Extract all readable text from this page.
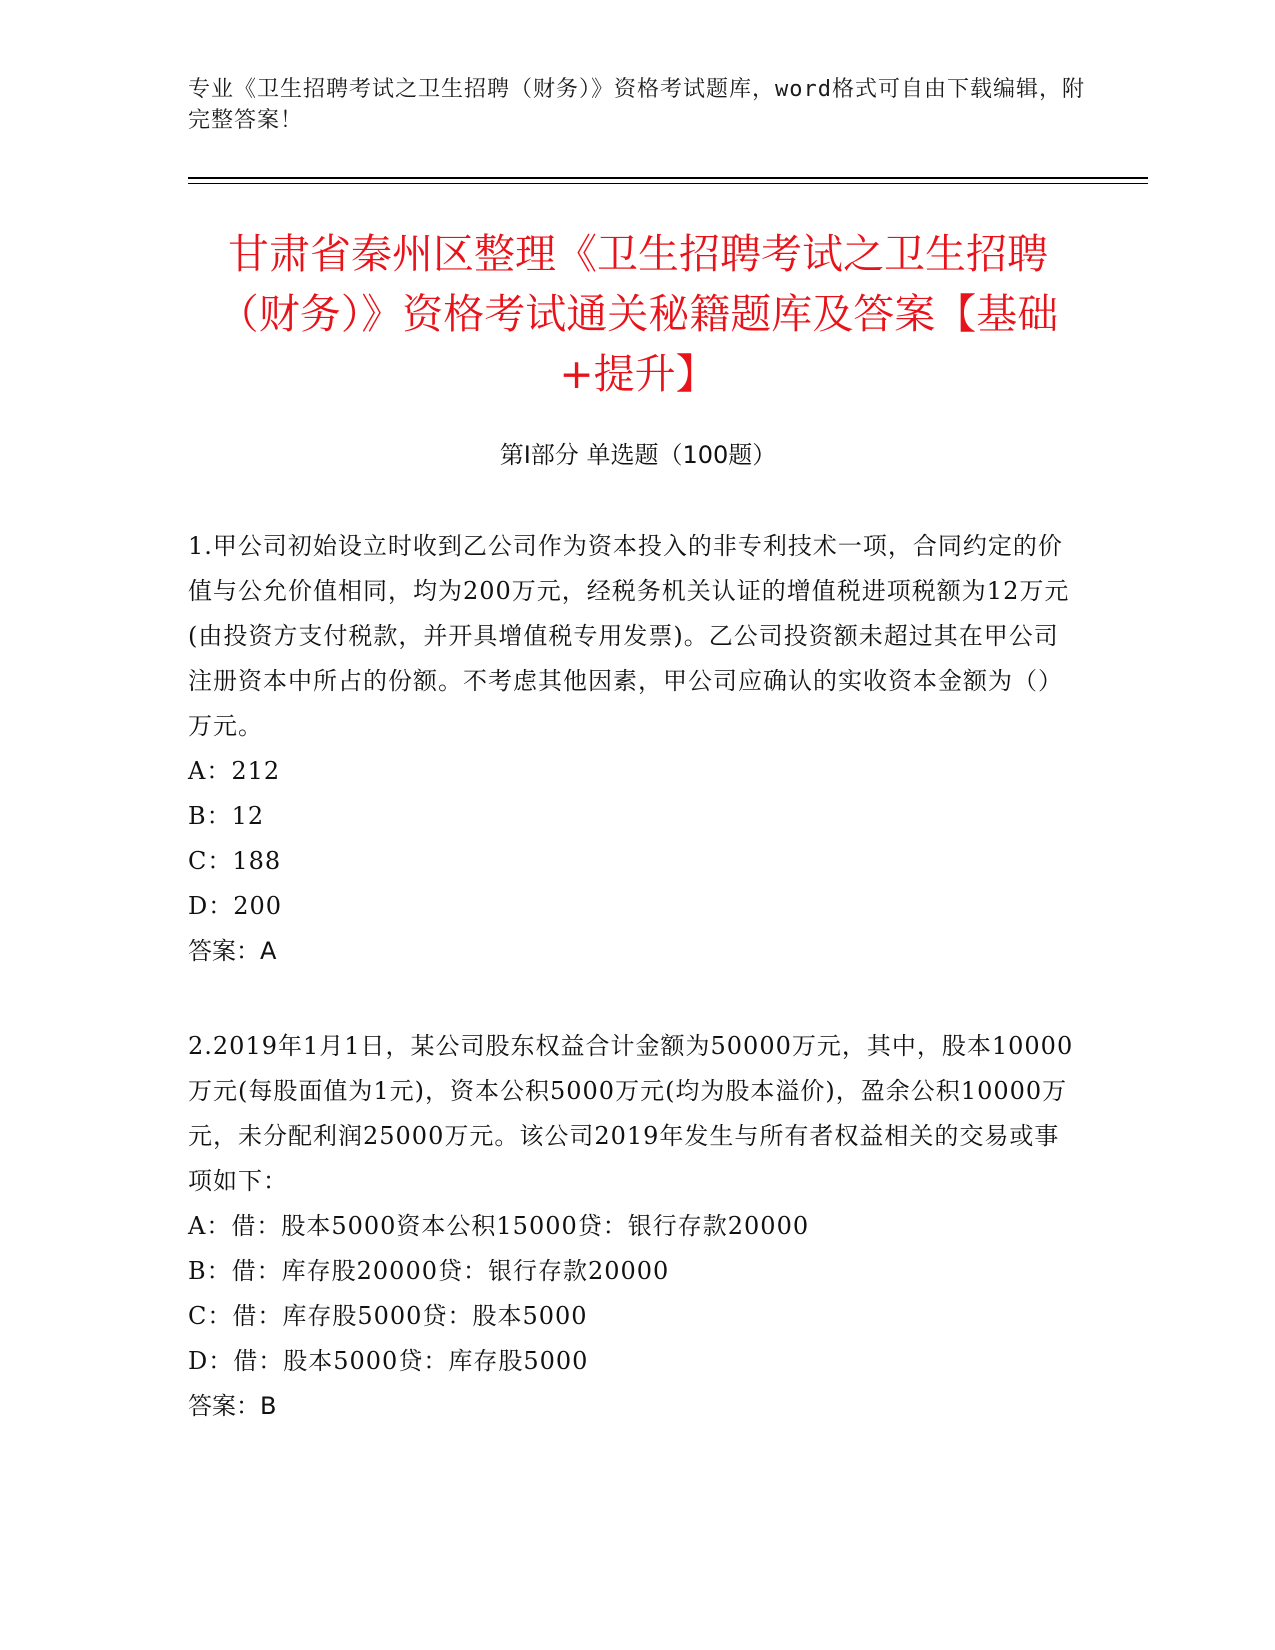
专业《卫生招聘考试之卫生招聘（财务）》资格考试题库，word格式可自由下载编辑，附完整答案！
甘肃省秦州区整理《卫生招聘考试之卫生招聘（财务）》资格考试通关秘籍题库及答案【基础+提升】
第Ⅰ部分 单选题（100题）

1.甲公司初始设立时收到乙公司作为资本投入的非专利技术一项，合同约定的价值与公允价值相同，均为200万元，经税务机关认证的增值税进项税额为12万元(由投资方支付税款，并开具增值税专用发票)。乙公司投资额未超过其在甲公司注册资本中所占的份额。不考虑其他因素，甲公司应确认的实收资本金额为（）万元。

A：212
B：12
C：188
D：200
答案：A

2.2019年1月1日，某公司股东权益合计金额为50000万元，其中，股本10000万元(每股面值为1元)，资本公积5000万元(均为股本溢价)，盈余公积10000万元，未分配利润25000万元。该公司2019年发生与所有者权益相关的交易或事项如下：

A：借：股本5000资本公积15000贷：银行存款20000
B：借：库存股20000贷：银行存款20000
C：借：库存股5000贷：股本5000
D：借：股本5000贷：库存股5000
答案：B
